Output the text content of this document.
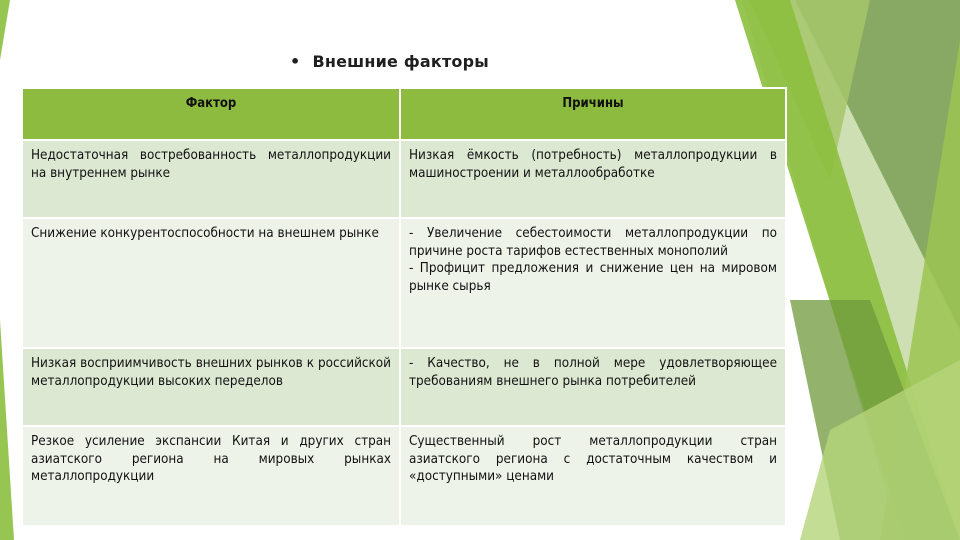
• Внешние факторы
Фактор	Причины
Недостаточная востребованность металлопродукции на внутреннем рынке	Низкая ёмкость (потребность) металлопродукции в машиностроении и металлообработке

Снижение конкурентоспособности на внешнем рынке	- Увеличение себестоимости металлопродукции по причине роста тарифов естественных монополий
- Профицит предложения и снижение цен на мировом рынке сырья

Низкая восприимчивость внешних рынков к российской металлопродукции высоких переделов	- Качество, не в полной мере удовлетворяющее требованиям внешнего рынка потребителей

Резкое усиление экспансии Китая и других стран азиатского региона на мировых рынках металлопродукции	Существенный рост металлопродукции стран азиатского региона с достаточным качеством и «доступными» ценами
